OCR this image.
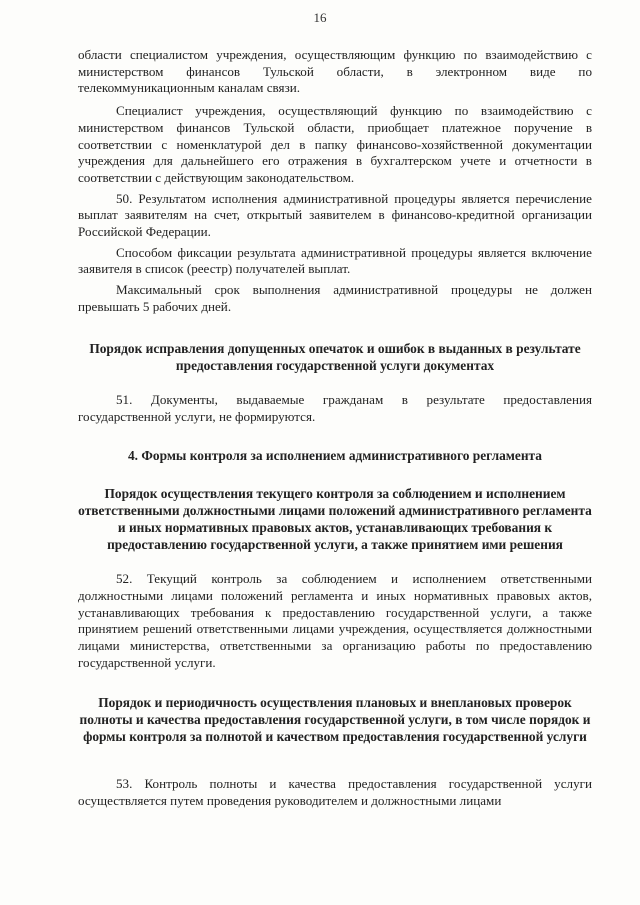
16

области специалистом учреждения, осуществляющим функцию по взаимодействию с министерством финансов Тульской области, в электронном виде по телекоммуникационным каналам связи.

Специалист учреждения, осуществляющий функцию по взаимодействию с министерством финансов Тульской области, приобщает платежное поручение в соответствии с номенклатурой дел в папку финансово-хозяйственной документации учреждения для дальнейшего его отражения в бухгалтерском учете и отчетности в соответствии с действующим законодательством.

50. Результатом исполнения административной процедуры является перечисление выплат заявителям на счет, открытый заявителем в финансово-кредитной организации Российской Федерации.

Способом фиксации результата административной процедуры является включение заявителя в список (реестр) получателей выплат.

Максимальный срок выполнения административной процедуры не должен превышать 5 рабочих дней.

Порядок исправления допущенных опечаток и ошибок в выданных в результате предоставления государственной услуги документах

51. Документы, выдаваемые гражданам в результате предоставления государственной услуги, не формируются.

4. Формы контроля за исполнением административного регламента
Порядок осуществления текущего контроля за соблюдением и исполнением ответственными должностными лицами положений административного регламента и иных нормативных правовых актов, устанавливающих требования к предоставлению государственной услуги, а также принятием ими решения

52. Текущий контроль за соблюдением и исполнением ответственными должностными лицами положений регламента и иных нормативных правовых актов, устанавливающих требования к предоставлению государственной услуги, а также принятием решений ответственными лицами учреждения, осуществляется должностными лицами министерства, ответственными за организацию работы по предоставлению государственной услуги.

Порядок и периодичность осуществления плановых и внеплановых проверок полноты и качества предоставления государственной услуги, в том числе порядок и формы контроля за полнотой и качеством предоставления государственной услуги

53. Контроль полноты и качества предоставления государственной услуги осуществляется путем проведения руководителем и должностными лицами
